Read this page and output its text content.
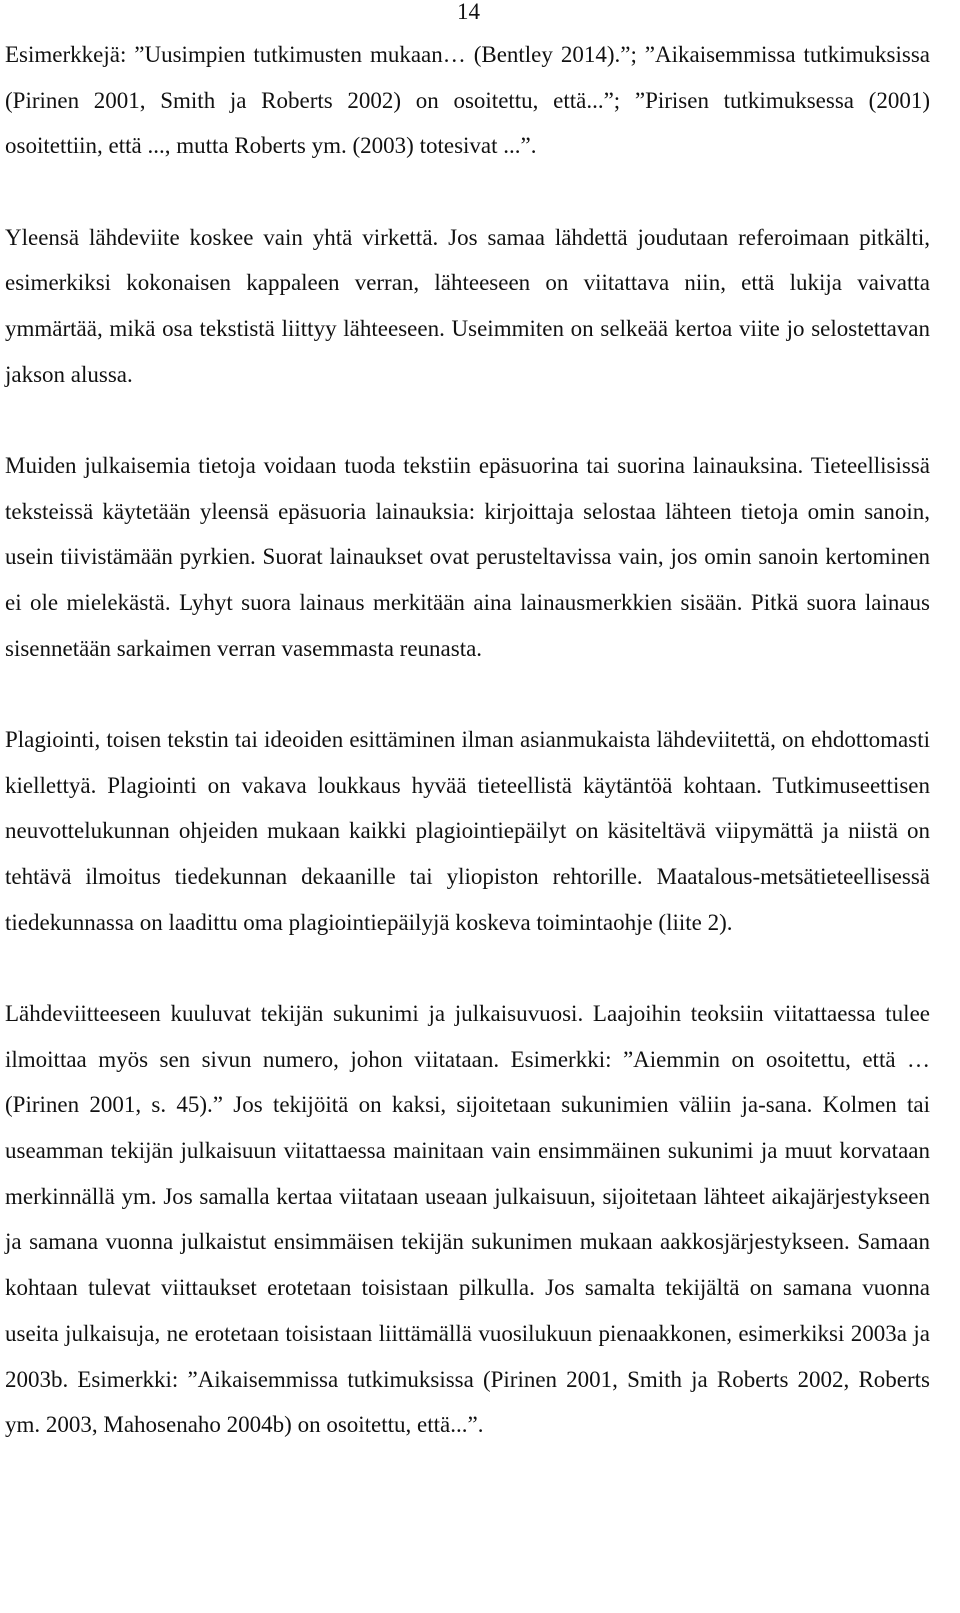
14

Esimerkkejä: ”Uusimpien tutkimusten mukaan… (Bentley 2014).”; ”Aikaisemmissa tutkimuksissa (Pirinen 2001, Smith ja Roberts 2002) on osoitettu, että...”; ”Pirisen tutkimuksessa (2001) osoitettiin, että ..., mutta Roberts ym. (2003) totesivat ...”.

Yleensä lähdeviite koskee vain yhtä virkettä. Jos samaa lähdettä joudutaan referoimaan pitkälti, esimerkiksi kokonaisen kappaleen verran, lähteeseen on viitattava niin, että lukija vaivatta ymmärtää, mikä osa tekstistä liittyy lähteeseen. Useimmiten on selkeää kertoa viite jo selostettavan jakson alussa.

Muiden julkaisemia tietoja voidaan tuoda tekstiin epäsuorina tai suorina lainauksina. Tieteellisissä teksteissä käytetään yleensä epäsuoria lainauksia: kirjoittaja selostaa lähteen tietoja omin sanoin, usein tiivistämään pyrkien. Suorat lainaukset ovat perusteltavissa vain, jos omin sanoin kertominen ei ole mielekästä. Lyhyt suora lainaus merkitään aina lainausmerkkien sisään. Pitkä suora lainaus sisennetään sarkaimen verran vasemmasta reunasta.

Plagiointi, toisen tekstin tai ideoiden esittäminen ilman asianmukaista lähdeviitettä, on ehdottomasti kiellettyä. Plagiointi on vakava loukkaus hyvää tieteellistä käytäntöä kohtaan. Tutkimuseettisen neuvottelukunnan ohjeiden mukaan kaikki plagiointiepäilyt on käsiteltävä viipymättä ja niistä on tehtävä ilmoitus tiedekunnan dekaanille tai yliopiston rehtorille. Maatalous-metsätieteellisessä tiedekunnassa on laadittu oma plagiointiepäilyjä koskeva toimintaohje (liite 2).

Lähdeviitteeseen kuuluvat tekijän sukunimi ja julkaisuvuosi. Laajoihin teoksiin viitattaessa tulee ilmoittaa myös sen sivun numero, johon viitataan. Esimerkki: ”Aiemmin on osoitettu, että … (Pirinen 2001, s. 45).” Jos tekijöitä on kaksi, sijoitetaan sukunimien väliin ja-sana. Kolmen tai useamman tekijän julkaisuun viitattaessa mainitaan vain ensimmäinen sukunimi ja muut korvataan merkinnällä ym. Jos samalla kertaa viitataan useaan julkaisuun, sijoitetaan lähteet aikajärjestykseen ja samana vuonna julkaistut ensimmäisen tekijän sukunimen mukaan aakkosjärjestykseen. Samaan kohtaan tulevat viittaukset erotetaan toisistaan pilkulla. Jos samalta tekijältä on samana vuonna useita julkaisuja, ne erotetaan toisistaan liittämällä vuosilukuun pienaakkonen, esimerkiksi 2003a ja 2003b. Esimerkki: ”Aikaisemmissa tutkimuksissa (Pirinen 2001, Smith ja Roberts 2002, Roberts ym. 2003, Mahosenaho 2004b) on osoitettu, että...”.
